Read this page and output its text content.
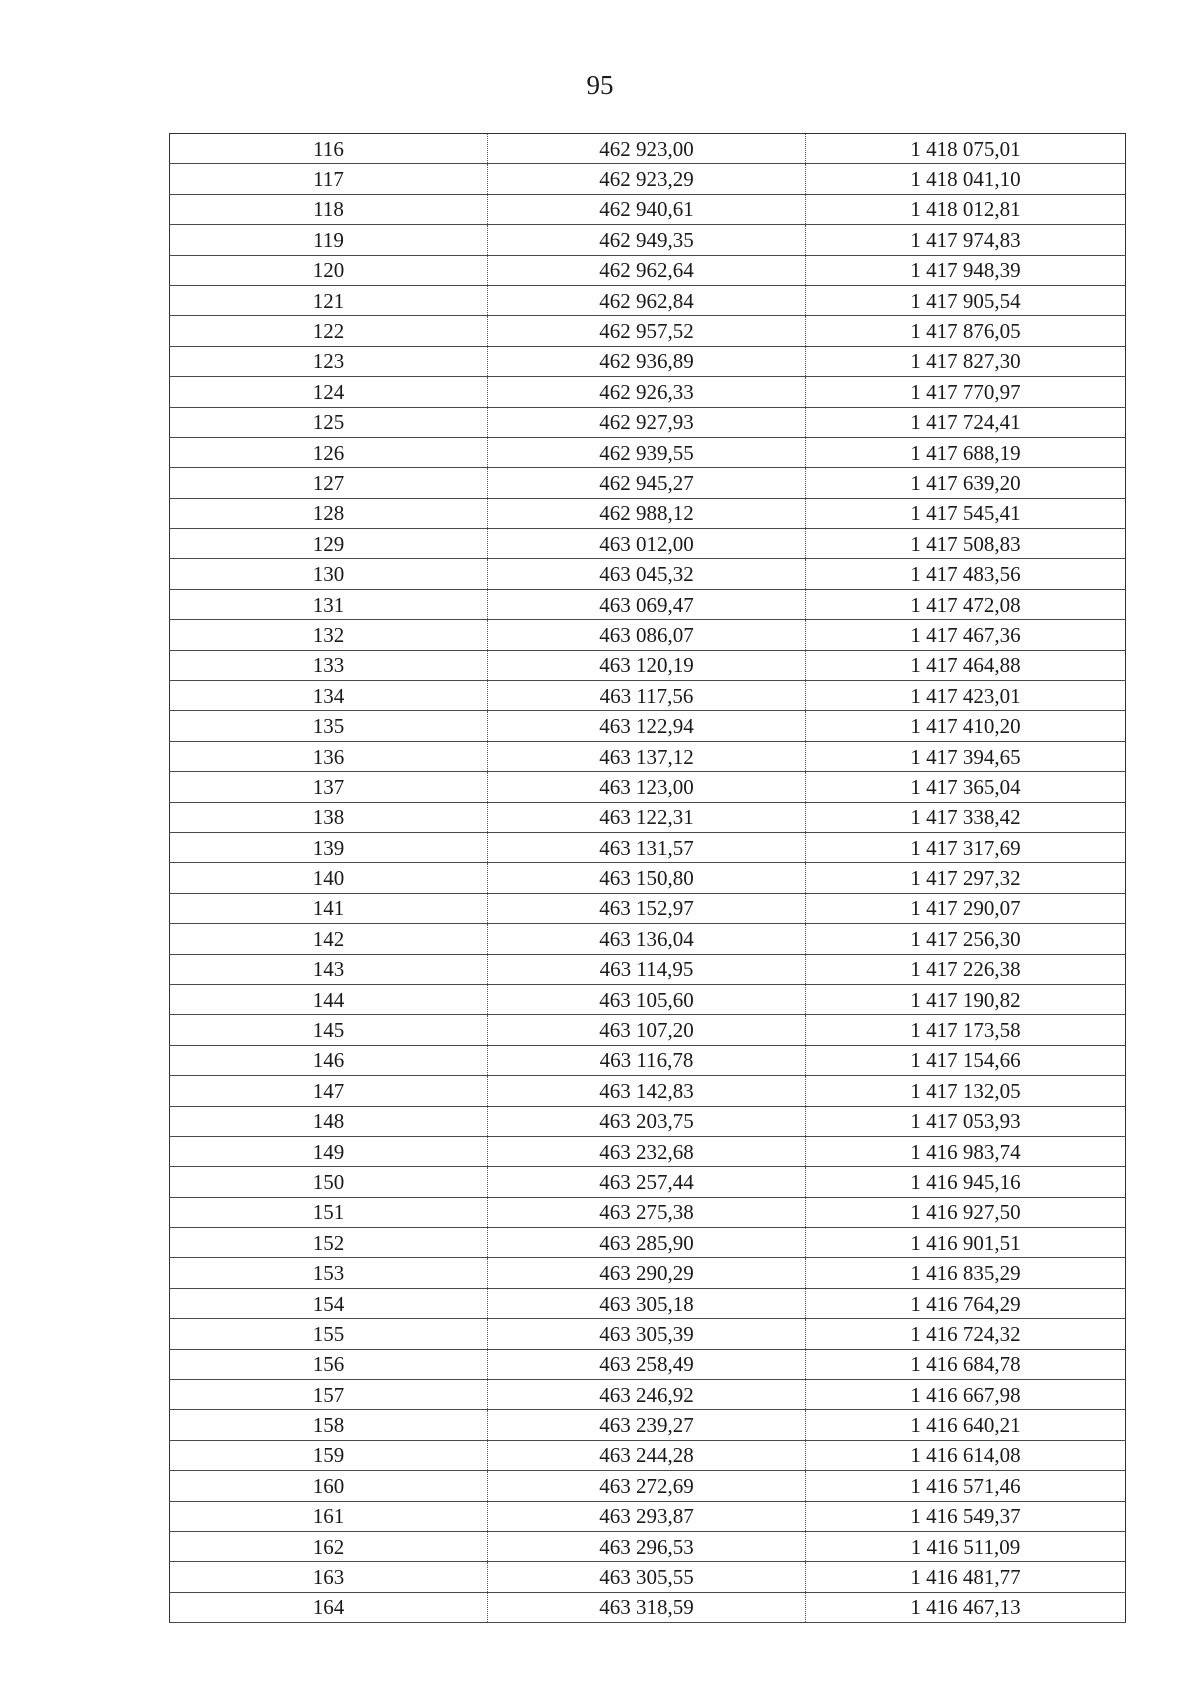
95
116	462 923,00	1 418 075,01
117	462 923,29	1 418 041,10
118	462 940,61	1 418 012,81
119	462 949,35	1 417 974,83
120	462 962,64	1 417 948,39
121	462 962,84	1 417 905,54
122	462 957,52	1 417 876,05
123	462 936,89	1 417 827,30
124	462 926,33	1 417 770,97
125	462 927,93	1 417 724,41
126	462 939,55	1 417 688,19
127	462 945,27	1 417 639,20
128	462 988,12	1 417 545,41
129	463 012,00	1 417 508,83
130	463 045,32	1 417 483,56
131	463 069,47	1 417 472,08
132	463 086,07	1 417 467,36
133	463 120,19	1 417 464,88
134	463 117,56	1 417 423,01
135	463 122,94	1 417 410,20
136	463 137,12	1 417 394,65
137	463 123,00	1 417 365,04
138	463 122,31	1 417 338,42
139	463 131,57	1 417 317,69
140	463 150,80	1 417 297,32
141	463 152,97	1 417 290,07
142	463 136,04	1 417 256,30
143	463 114,95	1 417 226,38
144	463 105,60	1 417 190,82
145	463 107,20	1 417 173,58
146	463 116,78	1 417 154,66
147	463 142,83	1 417 132,05
148	463 203,75	1 417 053,93
149	463 232,68	1 416 983,74
150	463 257,44	1 416 945,16
151	463 275,38	1 416 927,50
152	463 285,90	1 416 901,51
153	463 290,29	1 416 835,29
154	463 305,18	1 416 764,29
155	463 305,39	1 416 724,32
156	463 258,49	1 416 684,78
157	463 246,92	1 416 667,98
158	463 239,27	1 416 640,21
159	463 244,28	1 416 614,08
160	463 272,69	1 416 571,46
161	463 293,87	1 416 549,37
162	463 296,53	1 416 511,09
163	463 305,55	1 416 481,77
164	463 318,59	1 416 467,13
